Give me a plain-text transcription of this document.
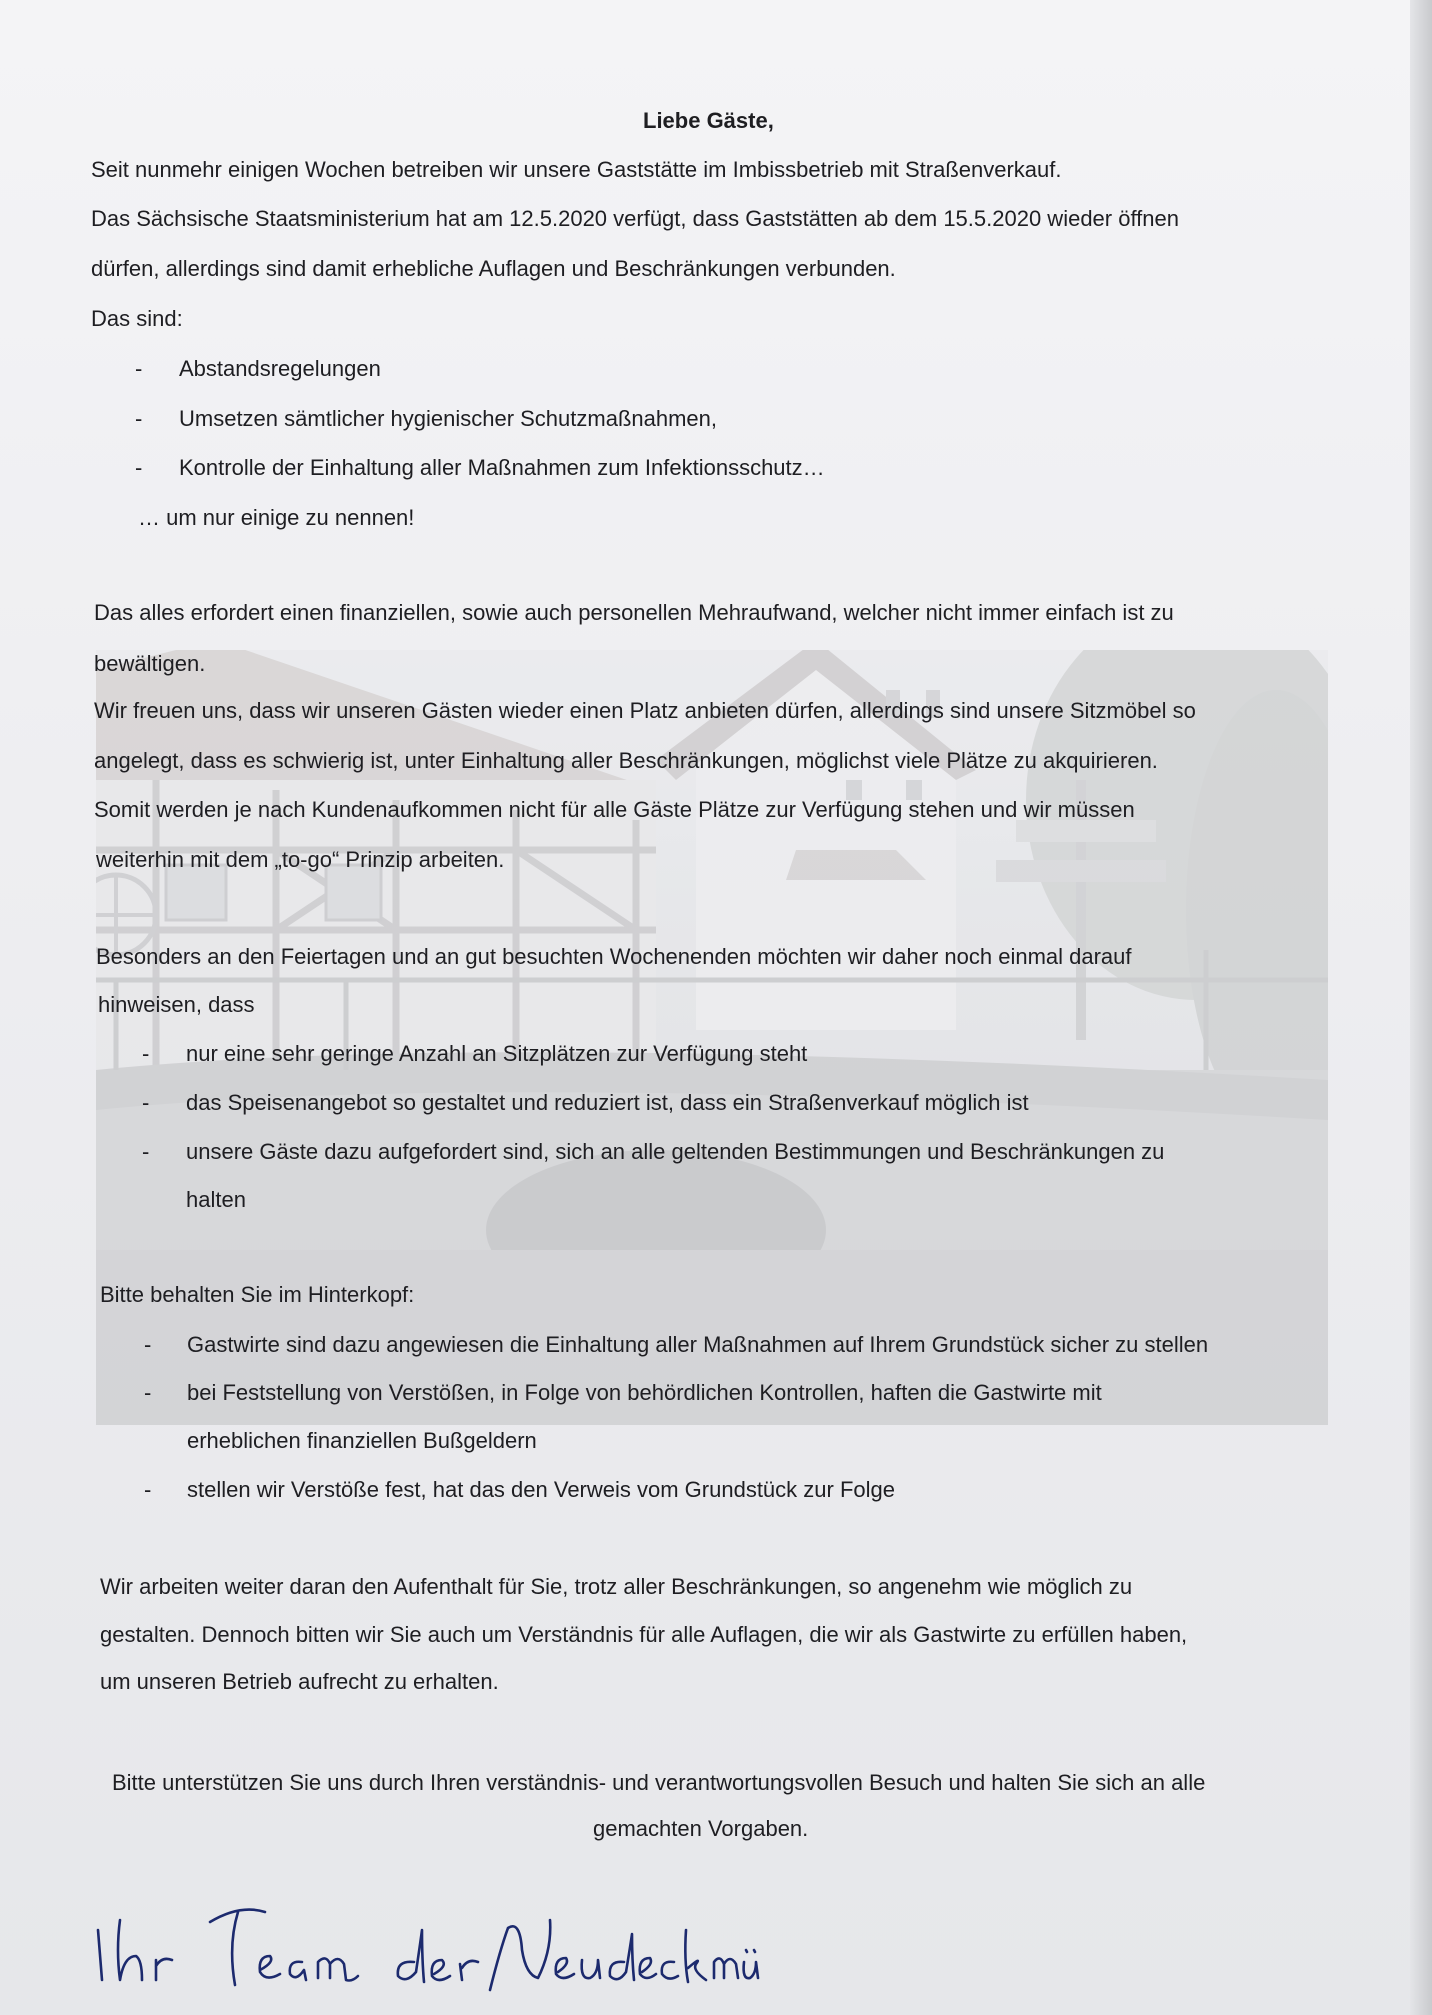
Liebe Gäste,
Seit nunmehr einigen Wochen betreiben wir unsere Gaststätte im Imbissbetrieb mit Straßenverkauf.
Das Sächsische Staatsministerium hat am 12.5.2020 verfügt, dass Gaststätten ab dem 15.5.2020 wieder öffnen
dürfen, allerdings sind damit erhebliche Auflagen und Beschränkungen verbunden.
Das sind:
- Abstandsregelungen
- Umsetzen sämtlicher hygienischer Schutzmaßnahmen,
- Kontrolle der Einhaltung aller Maßnahmen zum Infektionsschutz…
… um nur einige zu nennen!
Das alles erfordert einen finanziellen, sowie auch personellen Mehraufwand, welcher nicht immer einfach ist zu
bewältigen.
Wir freuen uns, dass wir unseren Gästen wieder einen Platz anbieten dürfen, allerdings sind unsere Sitzmöbel so
angelegt, dass es schwierig ist, unter Einhaltung aller Beschränkungen, möglichst viele Plätze zu akquirieren.
Somit werden je nach Kundenaufkommen nicht für alle Gäste Plätze zur Verfügung stehen und wir müssen
weiterhin mit dem „to-go“ Prinzip arbeiten.
Besonders an den Feiertagen und an gut besuchten Wochenenden möchten wir daher noch einmal darauf
hinweisen, dass
- nur eine sehr geringe Anzahl an Sitzplätzen zur Verfügung steht
- das Speisenangebot so gestaltet und reduziert ist, dass ein Straßenverkauf möglich ist
- unsere Gäste dazu aufgefordert sind, sich an alle geltenden Bestimmungen und Beschränkungen zu
halten
Bitte behalten Sie im Hinterkopf:
- Gastwirte sind dazu angewiesen die Einhaltung aller Maßnahmen auf Ihrem Grundstück sicher zu stellen
- bei Feststellung von Verstößen, in Folge von behördlichen Kontrollen, haften die Gastwirte mit
erheblichen finanziellen Bußgeldern
- stellen wir Verstöße fest, hat das den Verweis vom Grundstück zur Folge
Wir arbeiten weiter daran den Aufenthalt für Sie, trotz aller Beschränkungen, so angenehm wie möglich zu
gestalten. Dennoch bitten wir Sie auch um Verständnis für alle Auflagen, die wir als Gastwirte zu erfüllen haben,
um unseren Betrieb aufrecht zu erhalten.
Bitte unterstützen Sie uns durch Ihren verständnis- und verantwortungsvollen Besuch und halten Sie sich an alle
gemachten Vorgaben.
